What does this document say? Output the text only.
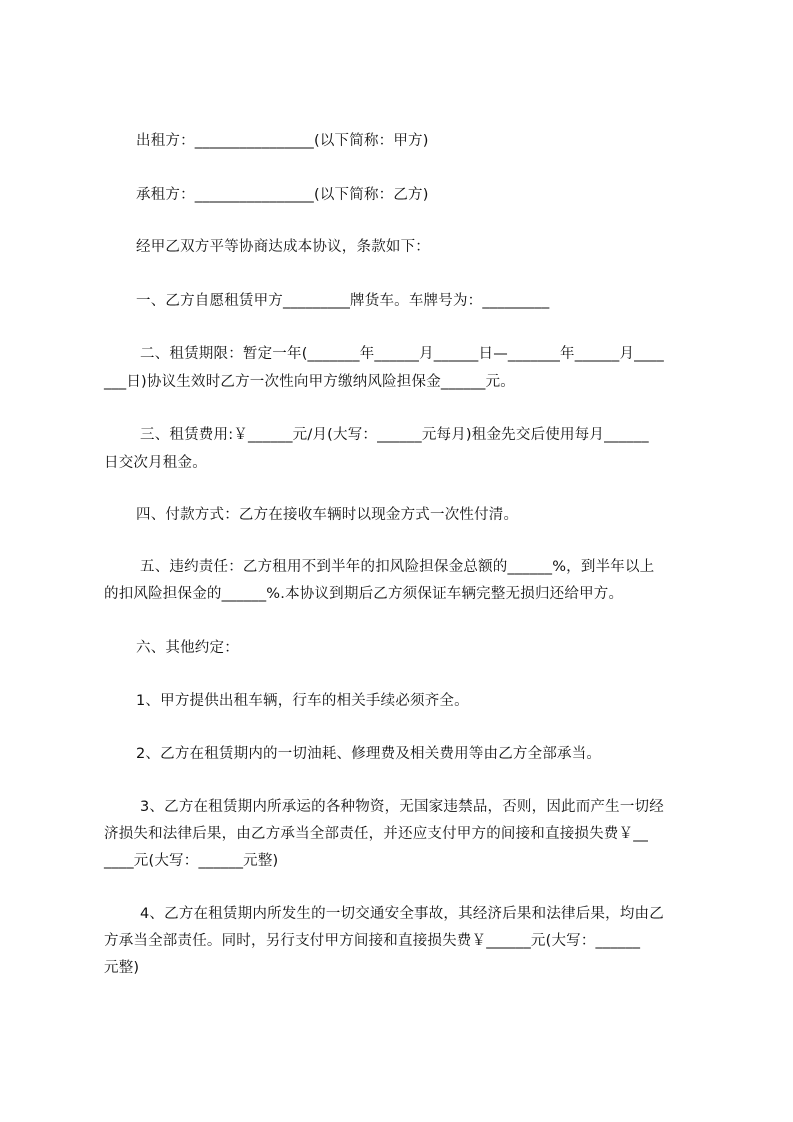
出租方：________________(以下简称：甲方)
承租方：________________(以下简称：乙方)
经甲乙双方平等协商达成本协议，条款如下：
一、乙方自愿租赁甲方_________牌货车。车牌号为：_________
二、租赁期限：暂定一年(_______年______月______日—_______年______月____
___日)协议生效时乙方一次性向甲方缴纳风险担保金______元。
三、租赁费用:￥______元/月(大写：______元每月)租金先交后使用每月______
日交次月租金。
四、付款方式：乙方在接收车辆时以现金方式一次性付清。
五、违约责任：乙方租用不到半年的扣风险担保金总额的______%，到半年以上
的扣风险担保金的______%.本协议到期后乙方须保证车辆完整无损归还给甲方。
六、其他约定：
1、甲方提供出租车辆，行车的相关手续必须齐全。
2、乙方在租赁期内的一切油耗、修理费及相关费用等由乙方全部承当。
3、乙方在租赁期内所承运的各种物资，无国家违禁品，否则，因此而产生一切经
济损失和法律后果，由乙方承当全部责任，并还应支付甲方的间接和直接损失费￥__
____元(大写：______元整)
4、乙方在租赁期内所发生的一切交通安全事故，其经济后果和法律后果，均由乙
方承当全部责任。同时，另行支付甲方间接和直接损失费￥______元(大写：______
元整)
